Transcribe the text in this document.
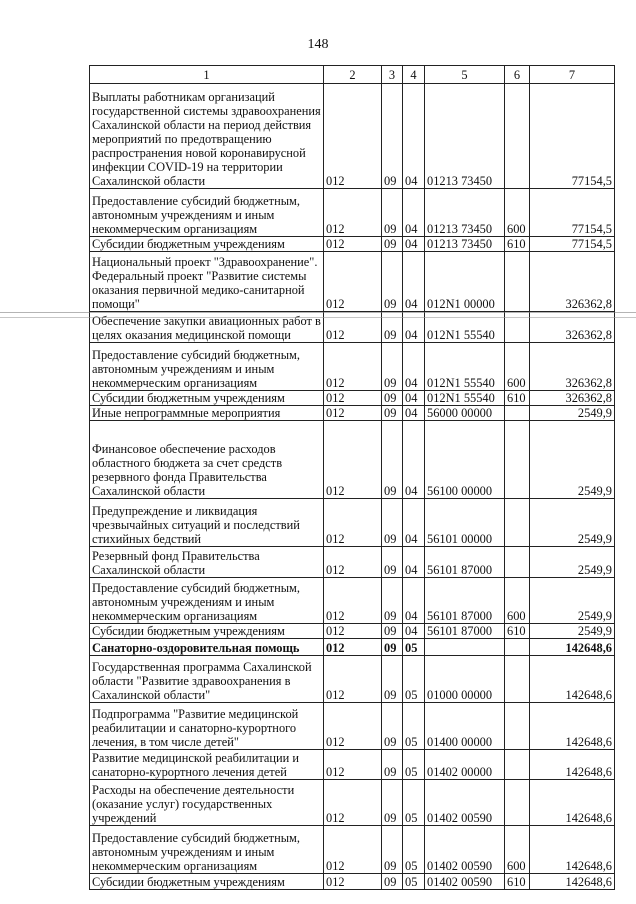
148
1	2	3	4	5	6	7
Выплаты работникам организаций государственной системы здравоохранения Сахалинской области на период действия мероприятий по предотвращению распространения новой коронавирусной инфекции COVID-19 на территории Сахалинской области	012	09	04	01213 73450		77154,5
Предоставление субсидий бюджетным, автономным учреждениям и иным некоммерческим организациям	012	09	04	01213 73450	600	77154,5
Субсидии бюджетным учреждениям	012	09	04	01213 73450	610	77154,5
Национальный проект "Здравоохранение". Федеральный проект "Развитие системы оказания первичной медико-санитарной помощи"	012	09	04	012N1 00000		326362,8
Обеспечение закупки авиационных работ в целях оказания медицинской помощи	012	09	04	012N1 55540		326362,8
Предоставление субсидий бюджетным, автономным учреждениям и иным некоммерческим организациям	012	09	04	012N1 55540	600	326362,8
Субсидии бюджетным учреждениям	012	09	04	012N1 55540	610	326362,8
Иные непрограммные мероприятия	012	09	04	56000 00000		2549,9
Финансовое обеспечение расходов областного бюджета за счет средств резервного фонда Правительства Сахалинской области	012	09	04	56100 00000		2549,9
Предупреждение и ликвидация чрезвычайных ситуаций и последствий стихийных бедствий	012	09	04	56101 00000		2549,9
Резервный фонд Правительства Сахалинской области	012	09	04	56101 87000		2549,9
Предоставление субсидий бюджетным, автономным учреждениям и иным некоммерческим организациям	012	09	04	56101 87000	600	2549,9
Субсидии бюджетным учреждениям	012	09	04	56101 87000	610	2549,9
Санаторно-оздоровительная помощь	012	09	05			142648,6
Государственная программа Сахалинской области "Развитие здравоохранения в Сахалинской области"	012	09	05	01000 00000		142648,6
Подпрограмма "Развитие медицинской реабилитации и санаторно-курортного лечения, в том числе детей"	012	09	05	01400 00000		142648,6
Развитие медицинской реабилитации и санаторно-курортного лечения детей	012	09	05	01402 00000		142648,6
Расходы на обеспечение деятельности (оказание услуг) государственных учреждений	012	09	05	01402 00590		142648,6
Предоставление субсидий бюджетным, автономным учреждениям и иным некоммерческим организациям	012	09	05	01402 00590	600	142648,6
Субсидии бюджетным учреждениям	012	09	05	01402 00590	610	142648,6
